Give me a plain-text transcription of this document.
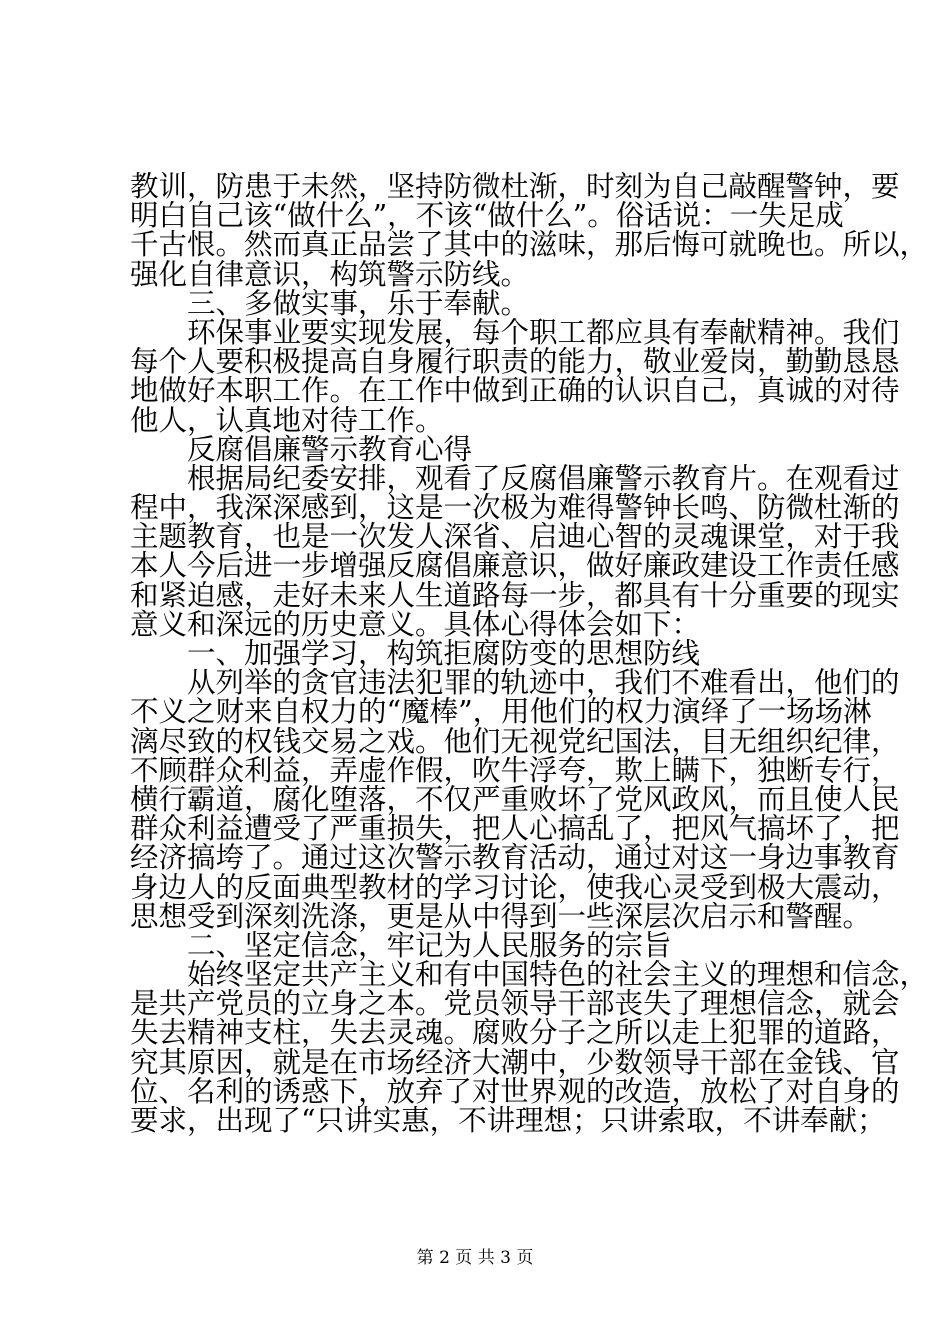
教训，防患于未然，坚持防微杜渐，时刻为自己敲醒警钟，要
明白自己该“做什么”，不该“做什么”。俗话说：一失足成
千古恨。然而真正品尝了其中的滋味，那后悔可就晚也。所以，
强化自律意识，构筑警示防线。
三、多做实事，乐于奉献。
环保事业要实现发展，每个职工都应具有奉献精神。我们
每个人要积极提高自身履行职责的能力，敬业爱岗，勤勤恳恳
地做好本职工作。在工作中做到正确的认识自己，真诚的对待
他人，认真地对待工作。
反腐倡廉警示教育心得
根据局纪委安排，观看了反腐倡廉警示教育片。在观看过
程中，我深深感到，这是一次极为难得警钟长鸣、防微杜渐的
主题教育，也是一次发人深省、启迪心智的灵魂课堂，对于我
本人今后进一步增强反腐倡廉意识，做好廉政建设工作责任感
和紧迫感，走好未来人生道路每一步，都具有十分重要的现实
意义和深远的历史意义。具体心得体会如下：
一、加强学习，构筑拒腐防变的思想防线
从列举的贪官违法犯罪的轨迹中，我们不难看出，他们的
不义之财来自权力的“魔棒”，用他们的权力演绎了一场场淋
漓尽致的权钱交易之戏。他们无视党纪国法，目无组织纪律，
不顾群众利益，弄虚作假，吹牛浮夸，欺上瞒下，独断专行，
横行霸道，腐化堕落，不仅严重败坏了党风政风，而且使人民
群众利益遭受了严重损失，把人心搞乱了，把风气搞坏了，把
经济搞垮了。通过这次警示教育活动，通过对这一身边事教育
身边人的反面典型教材的学习讨论，使我心灵受到极大震动，
思想受到深刻洗涤，更是从中得到一些深层次启示和警醒。
二、坚定信念，牢记为人民服务的宗旨
始终坚定共产主义和有中国特色的社会主义的理想和信念，
是共产党员的立身之本。党员领导干部丧失了理想信念，就会
失去精神支柱，失去灵魂。腐败分子之所以走上犯罪的道路，
究其原因，就是在市场经济大潮中，少数领导干部在金钱、官
位、名利的诱惑下，放弃了对世界观的改造，放松了对自身的
要求，出现了“只讲实惠，不讲理想；只讲索取，不讲奉献；
第 2 页 共 3 页
